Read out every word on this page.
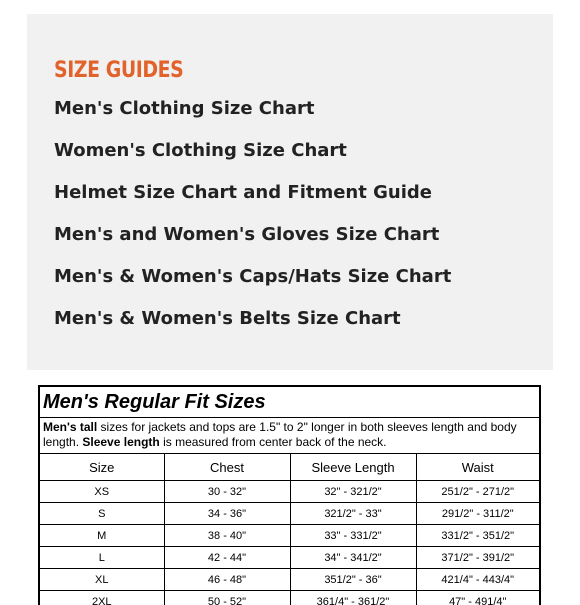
SIZE GUIDES
Men's Clothing Size Chart
Women's Clothing Size Chart
Helmet Size Chart and Fitment Guide
Men's and Women's Gloves Size Chart
Men's & Women's Caps/Hats Size Chart
Men's & Women's Belts Size Chart
Men's Regular Fit Sizes
Men's tall sizes for jackets and tops are 1.5" to 2" longer in both sleeves length and body length. Sleeve length is measured from center back of the neck.
Size	Chest	Sleeve Length	Waist
XS	30 - 32"	32" - 321/2"	251/2" - 271/2"
S	34 - 36"	321/2" - 33"	291/2" - 311/2"
M	38 - 40"	33" - 331/2"	331/2" - 351/2"
L	42 - 44"	34" - 341/2"	371/2" - 391/2"
XL	46 - 48"	351/2" - 36"	421/4" - 443/4"
2XL	50 - 52"	361/4" - 361/2"	47" - 491/4"
